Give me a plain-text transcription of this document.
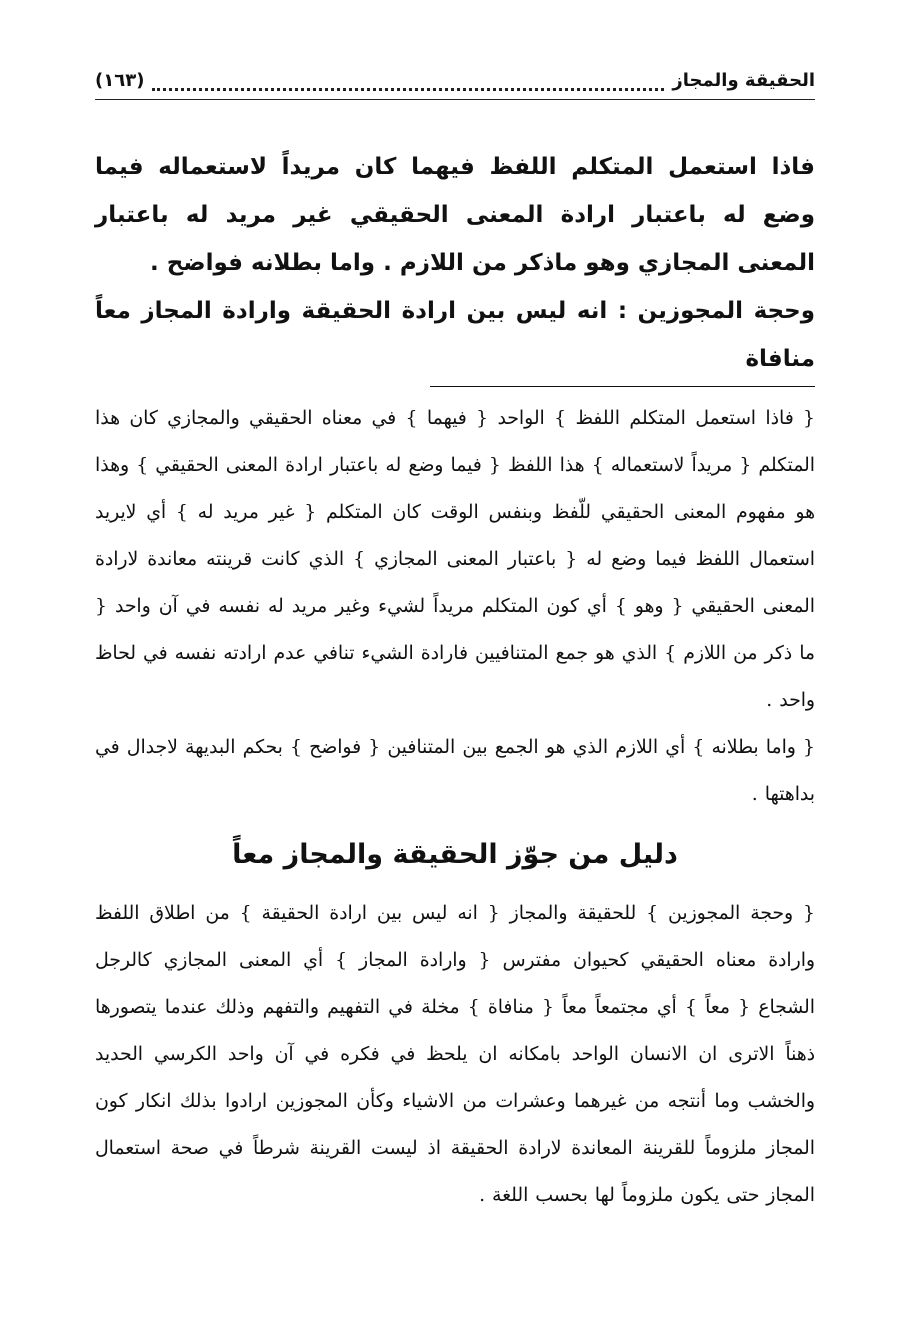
الحقيقة والمجاز
(١٦٣)

فاذا استعمل المتكلم اللفظ فيهما كان مريداً لاستعماله فيما وضع له باعتبار ارادة المعنى الحقيقي غير مريد له باعتبار المعنى المجازي وهو ماذكر من اللازم . واما بطلانه فواضح .

وحجة المجوزين : انه ليس بين ارادة الحقيقة وارادة المجاز معاً منافاة

{ فاذا استعمل المتكلم اللفظ } الواحد { فيهما } في معناه الحقيقي والمجازي كان هذا المتكلم { مريداً لاستعماله } هذا اللفظ { فيما وضع له باعتبار ارادة المعنى الحقيقي } وهذا هو مفهوم المعنى الحقيقي للّفظ وبنفس الوقت كان المتكلم { غير مريد له } أي لايريد استعمال اللفظ فيما وضع له { باعتبار المعنى المجازي } الذي كانت قرينته معاندة لارادة المعنى الحقيقي { وهو } أي كون المتكلم مريداً لشيء وغير مريد له نفسه في آن واحد { ما ذكر من اللازم } الذي هو جمع المتنافيين فارادة الشيء تنافي عدم ارادته نفسه في لحاظ واحد .

{ واما بطلانه } أي اللازم الذي هو الجمع بين المتنافين { فواضح } بحكم البديهة لاجدال في بداهتها .

دليل من جوّز الحقيقة والمجاز معاً

{ وحجة المجوزين } للحقيقة والمجاز { انه ليس بين ارادة الحقيقة } من اطلاق اللفظ وارادة معناه الحقيقي كحيوان مفترس { وارادة المجاز } أي المعنى المجازي كالرجل الشجاع { معاً } أي مجتمعاً معاً { منافاة } مخلة في التفهيم والتفهم وذلك عندما يتصورها ذهناً الاترى ان الانسان الواحد بامكانه ان يلحظ في فكره في آن واحد الكرسي الحديد والخشب وما أنتجه من غيرهما وعشرات من الاشياء وكأن المجوزين ارادوا بذلك انكار كون المجاز ملزوماً للقرينة المعاندة لارادة الحقيقة اذ ليست القرينة شرطاً في صحة استعمال المجاز حتى يكون ملزوماً لها بحسب اللغة .
